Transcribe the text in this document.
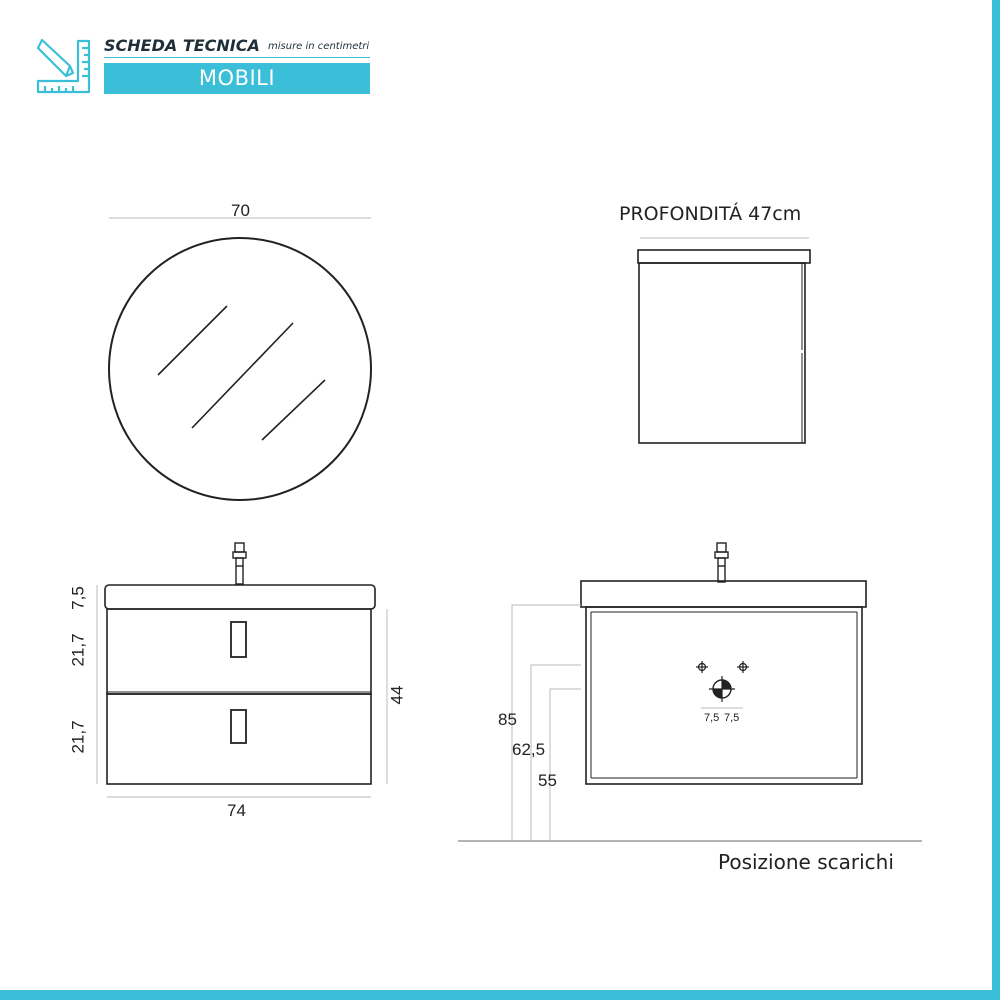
SCHEDA TECNICA misure in centimetri
MOBILI
70	PROFONDITÁ 47cm
7,5
21,7
21,7
44
74
85
62,5
55
7,5 7,5
Posizione scarichi
